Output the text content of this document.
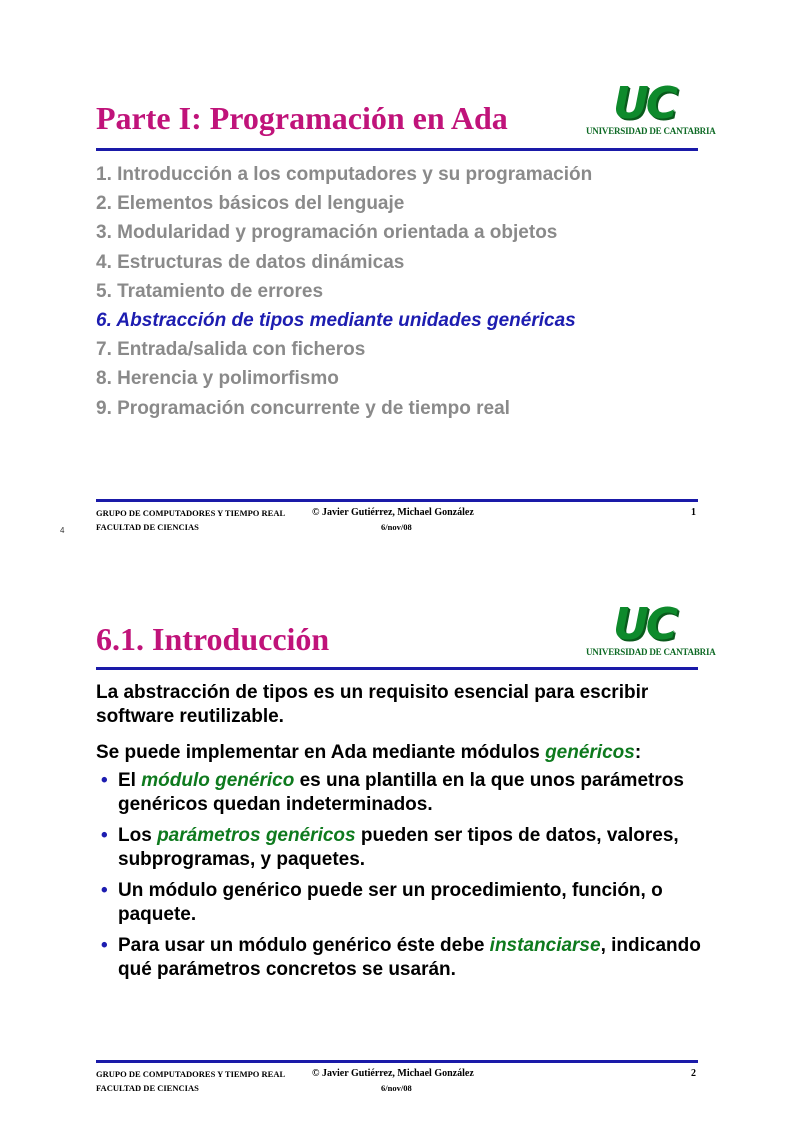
Parte I: Programación en Ada	UC
UNIVERSIDAD DE CANTABRIA
1. Introducción a los computadores y su programación
2. Elementos básicos del lenguaje
3. Modularidad y programación orientada a objetos
4. Estructuras de datos dinámicas
5. Tratamiento de errores
6. Abstracción de tipos mediante unidades genéricas
7. Entrada/salida con ficheros
8. Herencia y polimorfismo
9. Programación concurrente y de tiempo real
GRUPO DE COMPUTADORES Y TIEMPO REAL
FACULTAD DE CIENCIAS
© Javier Gutiérrez, Michael González
6/nov/08
1
4
6.1. Introducción	UC
UNIVERSIDAD DE CANTABRIA

La abstracción de tipos es un requisito esencial para escribir software reutilizable.

Se puede implementar en Ada mediante módulos genéricos:

• El módulo genérico es una plantilla en la que unos parámetros genéricos quedan indeterminados.
• Los parámetros genéricos pueden ser tipos de datos, valores, subprogramas, y paquetes.
• Un módulo genérico puede ser un procedimiento, función, o paquete.
• Para usar un módulo genérico éste debe instanciarse, indicando qué parámetros concretos se usarán.
GRUPO DE COMPUTADORES Y TIEMPO REAL
FACULTAD DE CIENCIAS
© Javier Gutiérrez, Michael González
6/nov/08
2
